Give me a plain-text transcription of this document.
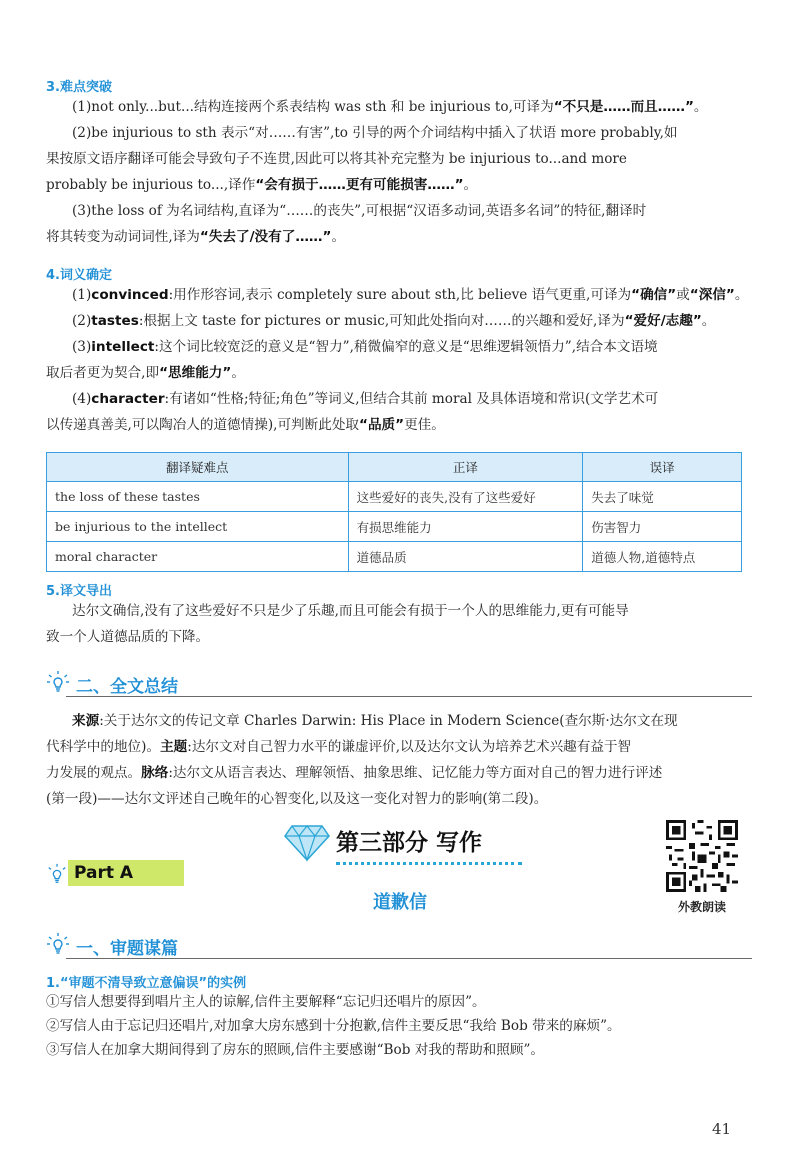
3.难点突破
(1)not only...but...结构连接两个系表结构 was sth 和 be injurious to,可译为“不只是……而且……”。
(2)be injurious to sth 表示“对……有害”,to 引导的两个介词结构中插入了状语 more probably,如
果按原文语序翻译可能会导致句子不连贯,因此可以将其补充完整为 be injurious to...and more
probably be injurious to...,译作“会有损于……更有可能损害……”。
(3)the loss of 为名词结构,直译为“……的丧失”,可根据“汉语多动词,英语多名词”的特征,翻译时
将其转变为动词词性,译为“失去了/没有了……”。
4.词义确定
(1)convinced:用作形容词,表示 completely sure about sth,比 believe 语气更重,可译为“确信”或“深信”。
(2)tastes:根据上文 taste for pictures or music,可知此处指向对……的兴趣和爱好,译为“爱好/志趣”。
(3)intellect:这个词比较宽泛的意义是“智力”,稍微偏窄的意义是“思维逻辑领悟力”,结合本文语境
取后者更为契合,即“思维能力”。
(4)character:有诸如“性格;特征;角色”等词义,但结合其前 moral 及具体语境和常识(文学艺术可
以传递真善美,可以陶冶人的道德情操),可判断此处取“品质”更佳。
翻译疑难点	正译	误译
the loss of these tastes	这些爱好的丧失,没有了这些爱好	失去了味觉
be injurious to the intellect	有损思维能力	伤害智力
moral character	道德品质	道德人物,道德特点
5.译文导出
达尔文确信,没有了这些爱好不只是少了乐趣,而且可能会有损于一个人的思维能力,更有可能导
致一个人道德品质的下降。
二、全文总结
来源:关于达尔文的传记文章 Charles Darwin: His Place in Modern Science(查尔斯·达尔文在现
代科学中的地位)。主题:达尔文对自己智力水平的谦虚评价,以及达尔文认为培养艺术兴趣有益于智
力发展的观点。脉络:达尔文从语言表达、理解领悟、抽象思维、记忆能力等方面对自己的智力进行评述
(第一段)——达尔文评述自己晚年的心智变化,以及这一变化对智力的影响(第二段)。
第三部分 写作
Part A
道歉信	外教朗读
一、审题谋篇
1.“审题不清导致立意偏误”的实例
①写信人想要得到唱片主人的谅解,信件主要解释“忘记归还唱片的原因”。
②写信人由于忘记归还唱片,对加拿大房东感到十分抱歉,信件主要反思“我给 Bob 带来的麻烦”。
③写信人在加拿大期间得到了房东的照顾,信件主要感谢“Bob 对我的帮助和照顾”。
41
